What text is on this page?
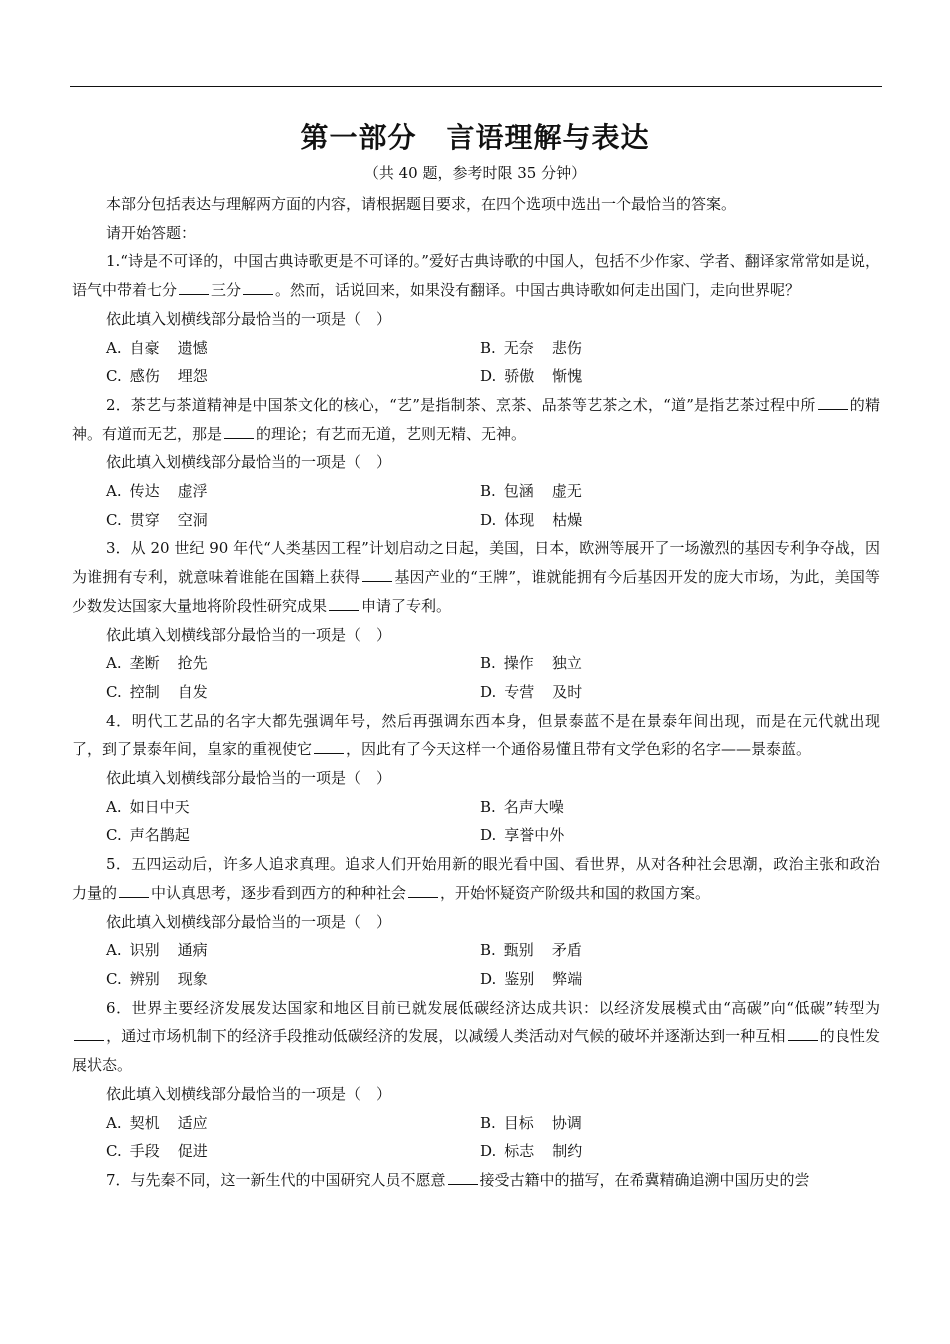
第一部分 言语理解与表达
（共 40 题，参考时限 35 分钟）

本部分包括表达与理解两方面的内容，请根据题目要求，在四个选项中选出一个最恰当的答案。

请开始答题：

1.“诗是不可译的，中国古典诗歌更是不可译的。”爱好古典诗歌的中国人，包括不少作家、学者、翻译家常常如是说，语气中带着七分 三分 。然而，话说回来，如果没有翻译。中国古典诗歌如何走出国门，走向世界呢？

依此填入划横线部分最恰当的一项是（　）

A. 自豪 遗憾	B. 无奈 悲伤
C. 感伤 埋怨	D. 骄傲 惭愧

2．茶艺与茶道精神是中国茶文化的核心，“艺”是指制茶、烹茶、品茶等艺茶之术，“道”是指艺茶过程中所 的精神。有道而无艺，那是 的理论；有艺而无道，艺则无精、无神。

依此填入划横线部分最恰当的一项是（　）

A. 传达 虚浮	B. 包涵 虚无
C. 贯穿 空洞	D. 体现 枯燥

3．从 20 世纪 90 年代“人类基因工程”计划启动之日起，美国，日本，欧洲等展开了一场激烈的基因专利争夺战，因为谁拥有专利，就意味着谁能在国籍上获得 基因产业的“王牌”，谁就能拥有今后基因开发的庞大市场，为此，美国等少数发达国家大量地将阶段性研究成果 申请了专利。

依此填入划横线部分最恰当的一项是（　）

A. 垄断 抢先	B. 操作 独立
C. 控制 自发	D. 专营 及时

4．明代工艺品的名字大都先强调年号，然后再强调东西本身，但景泰蓝不是在景泰年间出现，而是在元代就出现了，到了景泰年间，皇家的重视使它 ，因此有了今天这样一个通俗易懂且带有文学色彩的名字——景泰蓝。

依此填入划横线部分最恰当的一项是（　）

A. 如日中天	B. 名声大噪
C. 声名鹊起	D. 享誉中外

5．五四运动后，许多人追求真理。追求人们开始用新的眼光看中国、看世界，从对各种社会思潮，政治主张和政治力量的 中认真思考，逐步看到西方的种种社会 ，开始怀疑资产阶级共和国的救国方案。

依此填入划横线部分最恰当的一项是（　）

A. 识别 通病	B. 甄别 矛盾
C. 辨别 现象	D. 鉴别 弊端

6．世界主要经济发展发达国家和地区目前已就发展低碳经济达成共识：以经济发展模式由“高碳”向“低碳”转型为，通过市场机制下的经济手段推动低碳经济的发展，以减缓人类活动对气候的破坏并逐渐达到一种互相 的良性发展状态。

依此填入划横线部分最恰当的一项是（　）

A. 契机 适应	B. 目标 协调
C. 手段 促进	D. 标志 制约

7．与先秦不同，这一新生代的中国研究人员不愿意 接受古籍中的描写，在希冀精确追溯中国历史的尝
